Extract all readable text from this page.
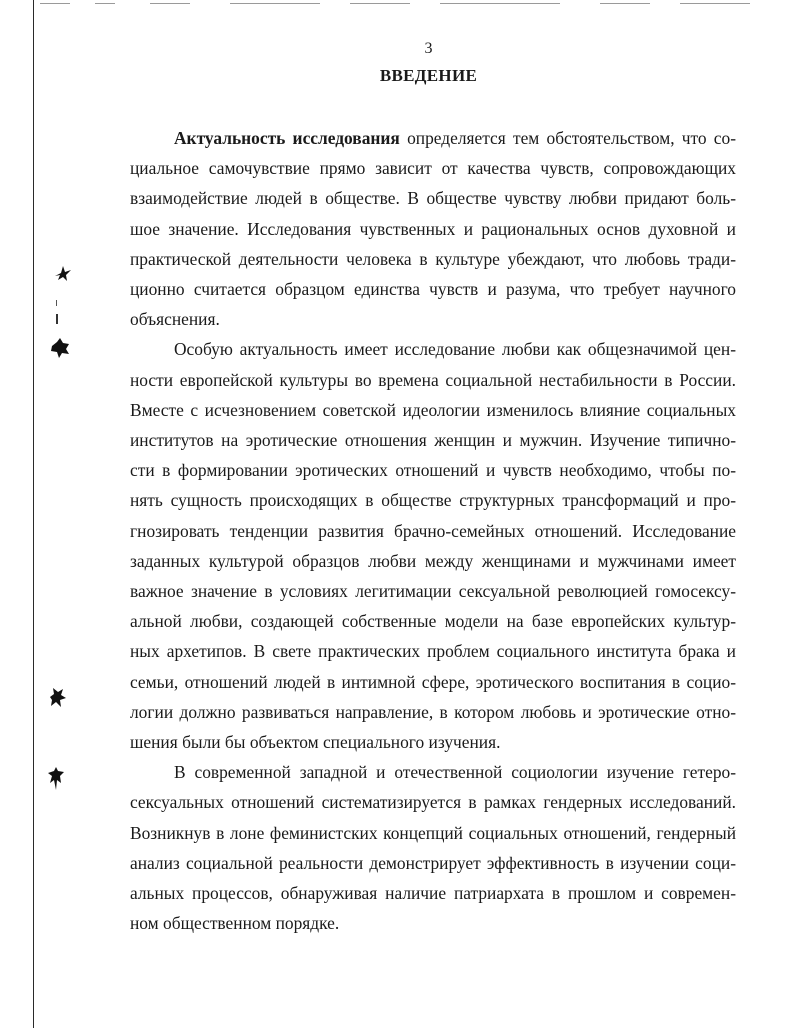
3
ВВЕДЕНИЕ

Актуальность исследования определяется тем обстоятельством, что со-
циальное самочувствие прямо зависит от качества чувств, сопровождающих
взаимодействие людей в обществе. В обществе чувству любви придают боль-
шое значение. Исследования чувственных и рациональных основ духовной и
практической деятельности человека в культуре убеждают, что любовь тради-
ционно считается образцом единства чувств и разума, что требует научного
объяснения.

Особую актуальность имеет исследование любви как общезначимой цен-
ности европейской культуры во времена социальной нестабильности в России.
Вместе с исчезновением советской идеологии изменилось влияние социальных
институтов на эротические отношения женщин и мужчин. Изучение типично-
сти в формировании эротических отношений и чувств необходимо, чтобы по-
нять сущность происходящих в обществе структурных трансформаций и про-
гнозировать тенденции развития брачно-семейных отношений. Исследование
заданных культурой образцов любви между женщинами и мужчинами имеет
важное значение в условиях легитимации сексуальной революцией гомосексу-
альной любви, создающей собственные модели на базе европейских культур-
ных архетипов. В свете практических проблем социального института брака и
семьи, отношений людей в интимной сфере, эротического воспитания в социо-
логии должно развиваться направление, в котором любовь и эротические отно-
шения были бы объектом специального изучения.

В современной западной и отечественной социологии изучение гетеро-
сексуальных отношений систематизируется в рамках гендерных исследований.
Возникнув в лоне феминистских концепций социальных отношений, гендерный
анализ социальной реальности демонстрирует эффективность в изучении соци-
альных процессов, обнаруживая наличие патриархата в прошлом и современ-
ном общественном порядке.
